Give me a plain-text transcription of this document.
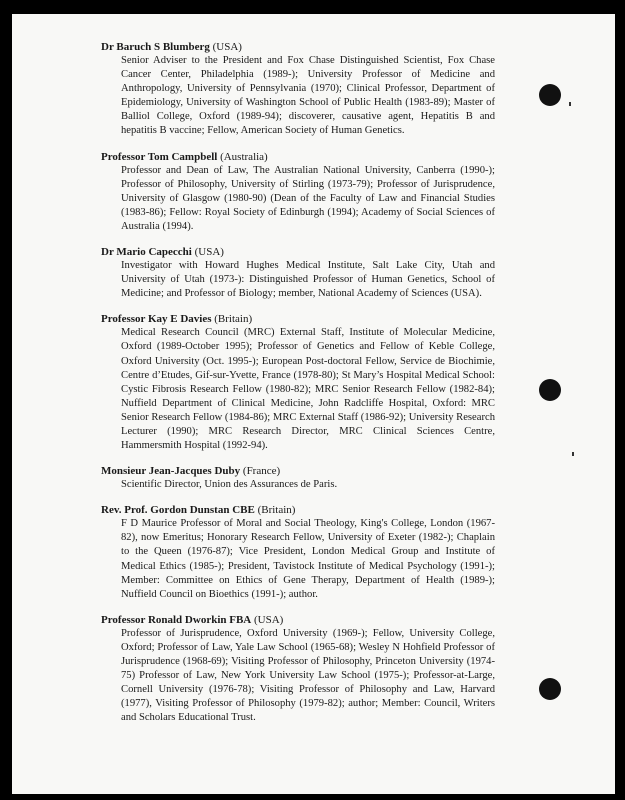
Dr Baruch S Blumberg (USA)
Senior Adviser to the President and Fox Chase Distinguished Scientist, Fox Chase Cancer Center, Philadelphia (1989-); University Professor of Medicine and Anthropology, University of Pennsylvania (1970); Clinical Professor, Department of Epidemiology, University of Washington School of Public Health (1983-89); Master of Balliol College, Oxford (1989-94); discoverer, causative agent, Hepatitis B and hepatitis B vaccine; Fellow, American Society of Human Genetics.
Professor Tom Campbell (Australia)
Professor and Dean of Law, The Australian National University, Canberra (1990-); Professor of Philosophy, University of Stirling (1973-79); Professor of Jurisprudence, University of Glasgow (1980-90) (Dean of the Faculty of Law and Financial Studies (1983-86); Fellow: Royal Society of Edinburgh (1994); Academy of Social Sciences of Australia (1994).
Dr Mario Capecchi (USA)
Investigator with Howard Hughes Medical Institute, Salt Lake City, Utah and University of Utah (1973-): Distinguished Professor of Human Genetics, School of Medicine; and Professor of Biology; member, National Academy of Sciences (USA).
Professor Kay E Davies (Britain)
Medical Research Council (MRC) External Staff, Institute of Molecular Medicine, Oxford (1989-October 1995); Professor of Genetics and Fellow of Keble College, Oxford University (Oct. 1995-); European Post-doctoral Fellow, Service de Biochimie, Centre d’Etudes, Gif-sur-Yvette, France (1978-80); St Mary’s Hospital Medical School: Cystic Fibrosis Research Fellow (1980-82); MRC Senior Research Fellow (1982-84); Nuffield Department of Clinical Medicine, John Radcliffe Hospital, Oxford: MRC Senior Research Fellow (1984-86); MRC External Staff (1986-92); University Research Lecturer (1990); MRC Research Director, MRC Clinical Sciences Centre, Hammersmith Hospital (1992-94).
Monsieur Jean-Jacques Duby (France)
Scientific Director, Union des Assurances de Paris.
Rev. Prof. Gordon Dunstan CBE (Britain)
F D Maurice Professor of Moral and Social Theology, King's College, London (1967-82), now Emeritus; Honorary Research Fellow, University of Exeter (1982-); Chaplain to the Queen (1976-87); Vice President, London Medical Group and Institute of Medical Ethics (1985-); President, Tavistock Institute of Medical Psychology (1991-); Member: Committee on Ethics of Gene Therapy, Department of Health (1989-); Nuffield Council on Bioethics (1991-); author.
Professor Ronald Dworkin FBA (USA)
Professor of Jurisprudence, Oxford University (1969-); Fellow, University College, Oxford; Professor of Law, Yale Law School (1965-68); Wesley N Hohfield Professor of Jurisprudence (1968-69); Visiting Professor of Philosophy, Princeton University (1974-75) Professor of Law, New York University Law School (1975-); Professor-at-Large, Cornell University (1976-78); Visiting Professor of Philosophy and Law, Harvard (1977), Visiting Professor of Philosophy (1979-82); author; Member: Council, Writers and Scholars Educational Trust.
